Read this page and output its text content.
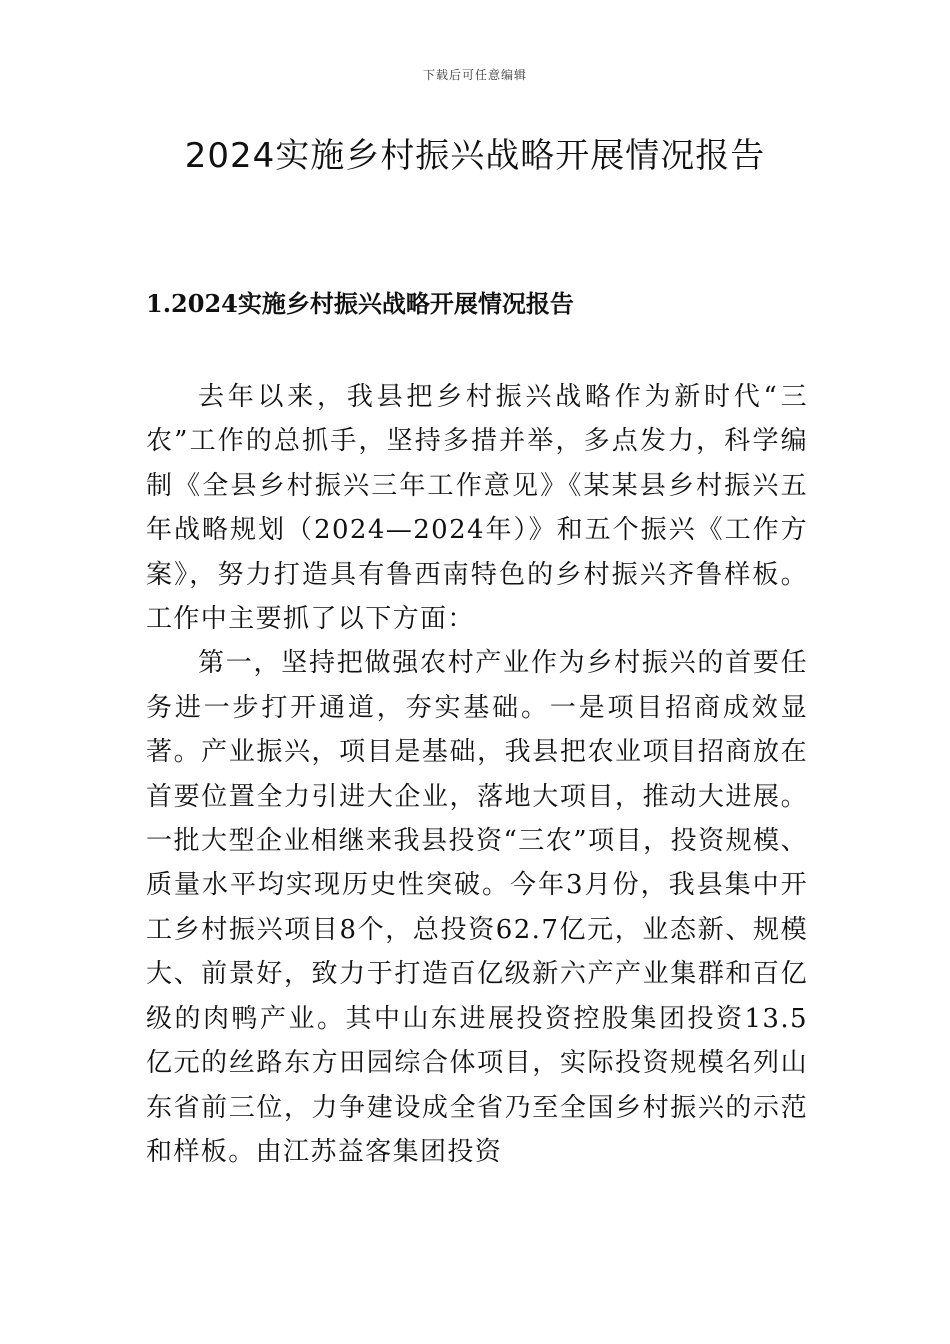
下载后可任意编辑
2024实施乡村振兴战略开展情况报告
1.2024实施乡村振兴战略开展情况报告

去年以来，我县把乡村振兴战略作为新时代“三农”工作的总抓手，坚持多措并举，多点发力，科学编制《全县乡村振兴三年工作意见》《某某县乡村振兴五年战略规划（2024—2024年）》和五个振兴《工作方案》，努力打造具有鲁西南特色的乡村振兴齐鲁样板。工作中主要抓了以下方面：

第一，坚持把做强农村产业作为乡村振兴的首要任务进一步打开通道，夯实基础。一是项目招商成效显著。产业振兴，项目是基础，我县把农业项目招商放在首要位置全力引进大企业，落地大项目，推动大进展。一批大型企业相继来我县投资“三农”项目，投资规模、质量水平均实现历史性突破。今年3月份，我县集中开工乡村振兴项目8个，总投资62.7亿元，业态新、规模大、前景好，致力于打造百亿级新六产产业集群和百亿级的肉鸭产业。其中山东进展投资控股集团投资13.5亿元的丝路东方田园综合体项目，实际投资规模名列山东省前三位，力争建设成全省乃至全国乡村振兴的示范和样板。由江苏益客集团投资
